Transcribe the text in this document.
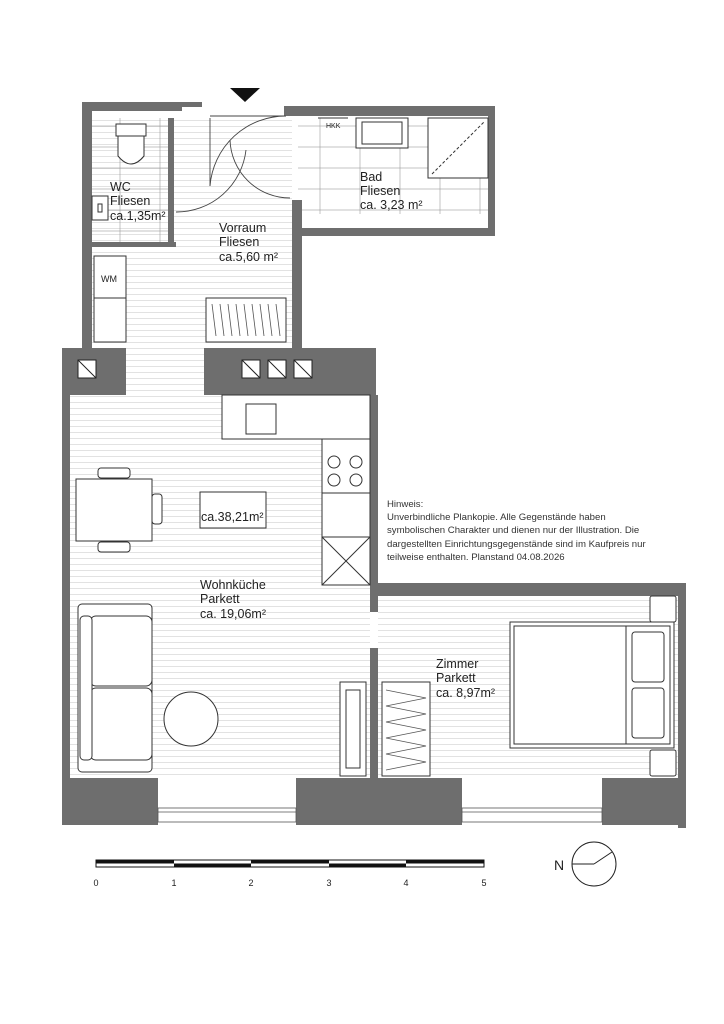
WC
Fliesen
ca.1,35m²
Bad
Fliesen
ca. 3,23 m²
Vorraum
Fliesen
ca.5,60 m²
Wohnküche
Parkett
ca. 19,06m²
Zimmer
Parkett
ca. 8,97m²
ca.38,21m²
WM
HKK
0	1	2	3	4	5
N
Hinweis:
Unverbindliche Plankopie. Alle Gegenstände haben
symbolischen Charakter und dienen nur der Illustration. Die
dargestellten Einrichtungsgegenstände sind im Kaufpreis nur
teilweise enthalten. Planstand 04.08.2026
